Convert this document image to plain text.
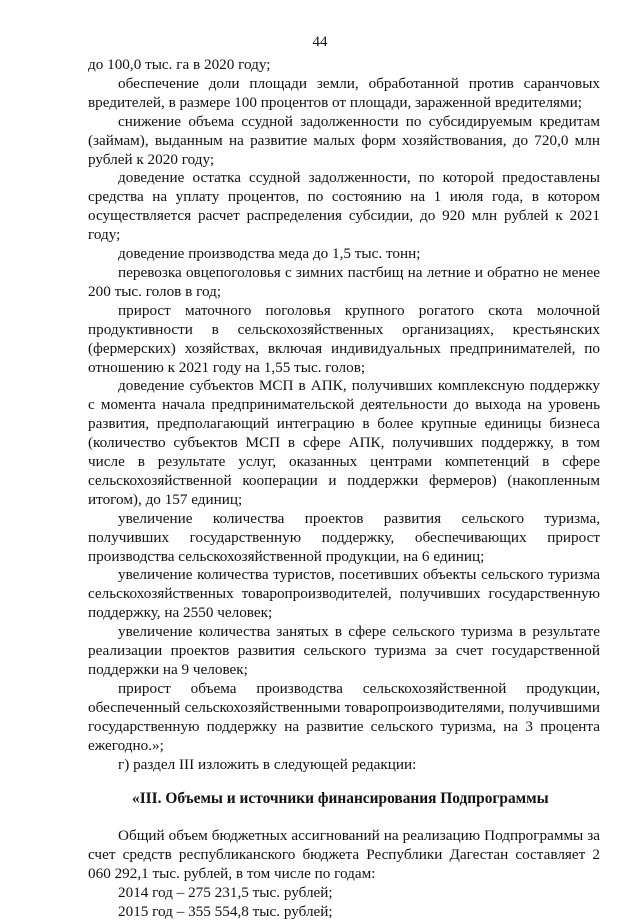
44

до 100,0 тыс. га в 2020 году;

обеспечение доли площади земли, обработанной против саранчовых вредителей, в размере 100 процентов от площади, зараженной вредителями;

снижение объема ссудной задолженности по субсидируемым кредитам (займам), выданным на развитие малых форм хозяйствования, до 720,0 млн рублей к 2020 году;

доведение остатка ссудной задолженности, по которой предоставлены средства на уплату процентов, по состоянию на 1 июля года, в котором осуществляется расчет распределения субсидии, до 920 млн рублей к 2021 году;

доведение производства меда до 1,5 тыс. тонн;

перевозка овцепоголовья с зимних пастбищ на летние и обратно не менее 200 тыс. голов в год;

прирост маточного поголовья крупного рогатого скота молочной продуктивности в сельскохозяйственных организациях, крестьянских (фермерских) хозяйствах, включая индивидуальных предпринимателей, по отношению к 2021 году на 1,55 тыс. голов;

доведение субъектов МСП в АПК, получивших комплексную поддержку с момента начала предпринимательской деятельности до выхода на уровень развития, предполагающий интеграцию в более крупные единицы бизнеса (количество субъектов МСП в сфере АПК, получивших поддержку, в том числе в результате услуг, оказанных центрами компетенций в сфере сельскохозяйственной кооперации и поддержки фермеров) (накопленным итогом), до 157 единиц;

увеличение количества проектов развития сельского туризма, получивших государственную поддержку, обеспечивающих прирост производства сельскохозяйственной продукции, на 6 единиц;

увеличение количества туристов, посетивших объекты сельского туризма сельскохозяйственных товаропроизводителей, получивших государственную поддержку, на 2550 человек;

увеличение количества занятых в сфере сельского туризма в результате реализации проектов развития сельского туризма за счет государственной поддержки на 9 человек;

прирост объема производства сельскохозяйственной продукции, обеспеченный сельскохозяйственными товаропроизводителями, получившими государственную поддержку на развитие сельского туризма, на 3 процента ежегодно.»;

г) раздел III изложить в следующей редакции:

«III. Объемы и источники финансирования Подпрограммы

Общий объем бюджетных ассигнований на реализацию Подпрограммы за счет средств республиканского бюджета Республики Дагестан составляет 2 060 292,1 тыс. рублей, в том числе по годам:

2014 год – 275 231,5 тыс. рублей;

2015 год – 355 554,8 тыс. рублей;
